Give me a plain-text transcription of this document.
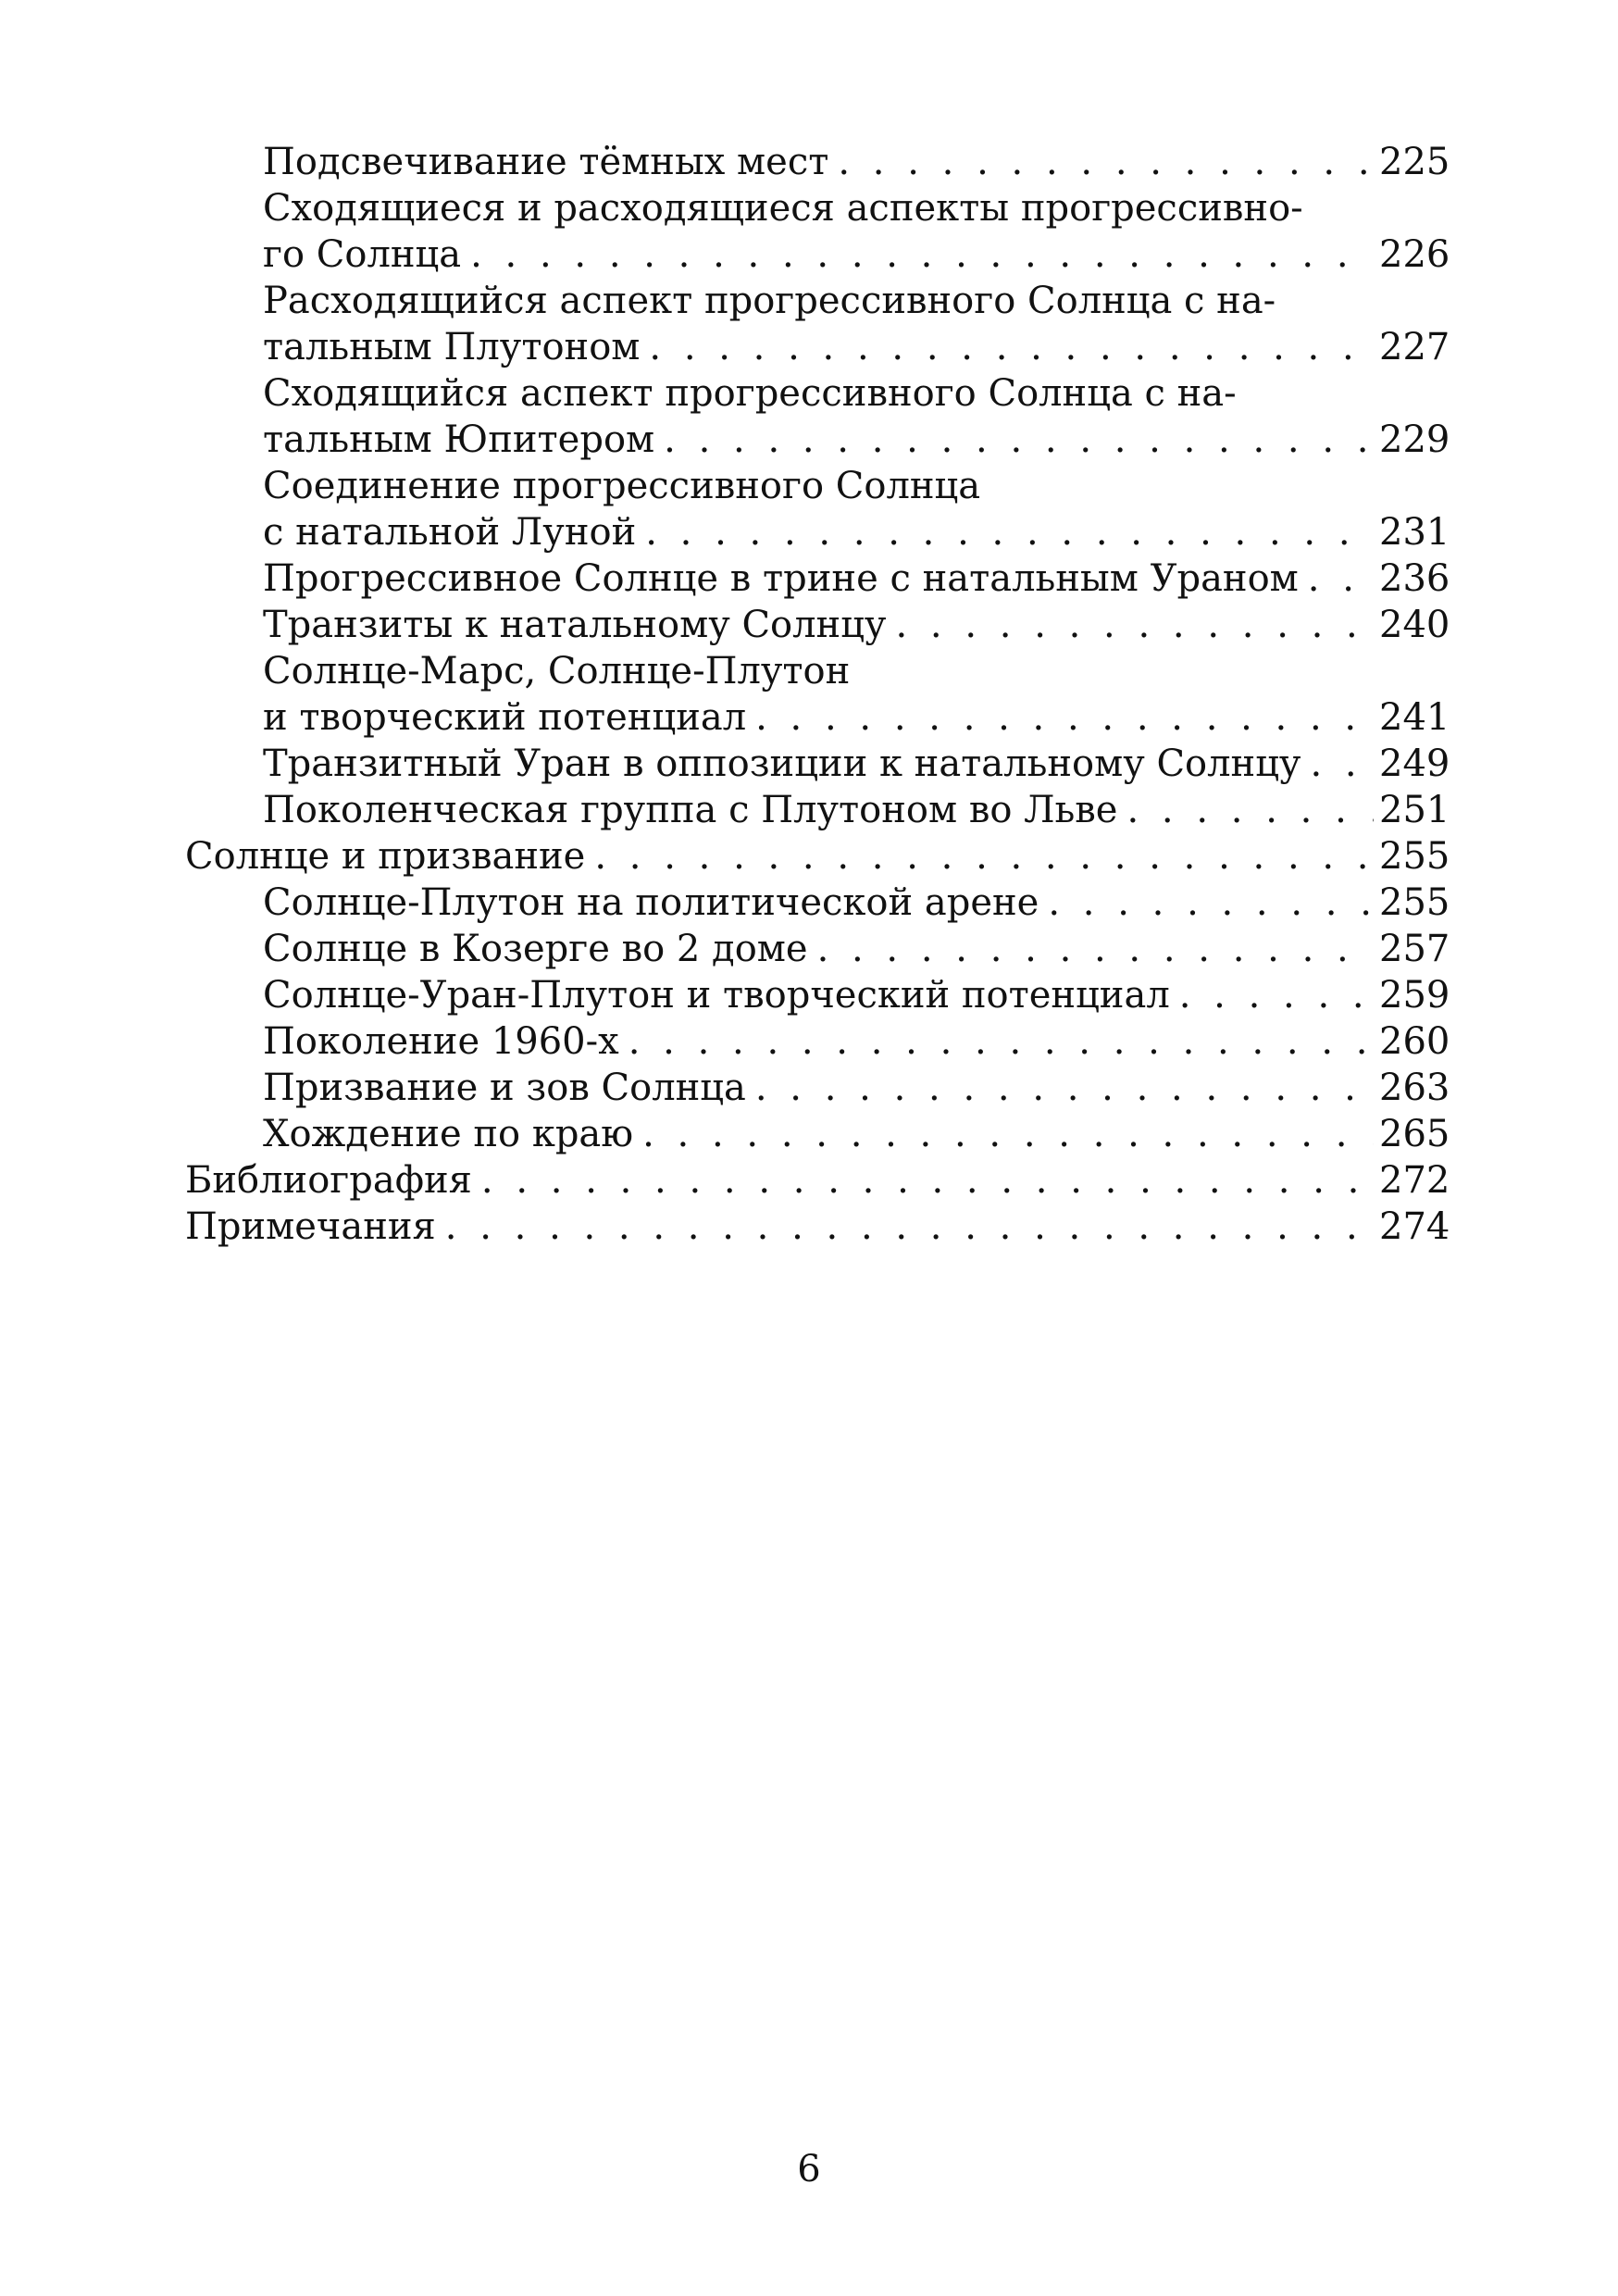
Подсвечивание тёмных мест . . .	225
Сходящиеся и расходящиеся аспекты прогрессивно-
го Солнца . . .	226
Расходящийся аспект прогрессивного Солнца с на-
тальным Плутоном . . .	227
Сходящийся аспект прогрессивного Солнца с на-
тальным Юпитером . . .	229
Соединение прогрессивного Солнца
с натальной Луной . . .	231
Прогрессивное Солнце в трине с натальным Ураном . . . 236
Транзиты к натальному Солнцу . . .	240
Солнце-Марс, Солнце-Плутон
и творческий потенциал . . .	241
Транзитный Уран в оппозиции к натальному Солнцу . . . 249
Поколенческая группа с Плутоном во Льве . . .	251
Солнце и призвание . . .	255
Солнце-Плутон на политической арене . . .	255
Солнце в Козерге во 2 доме . . .	257
Солнце-Уран-Плутон и творческий потенциал . . .	259
Поколение 1960-х . . .	260
Призвание и зов Солнца . . .	263
Хождение по краю . . .	265
Библиография . . .	272
Примечания . . .	274
6
